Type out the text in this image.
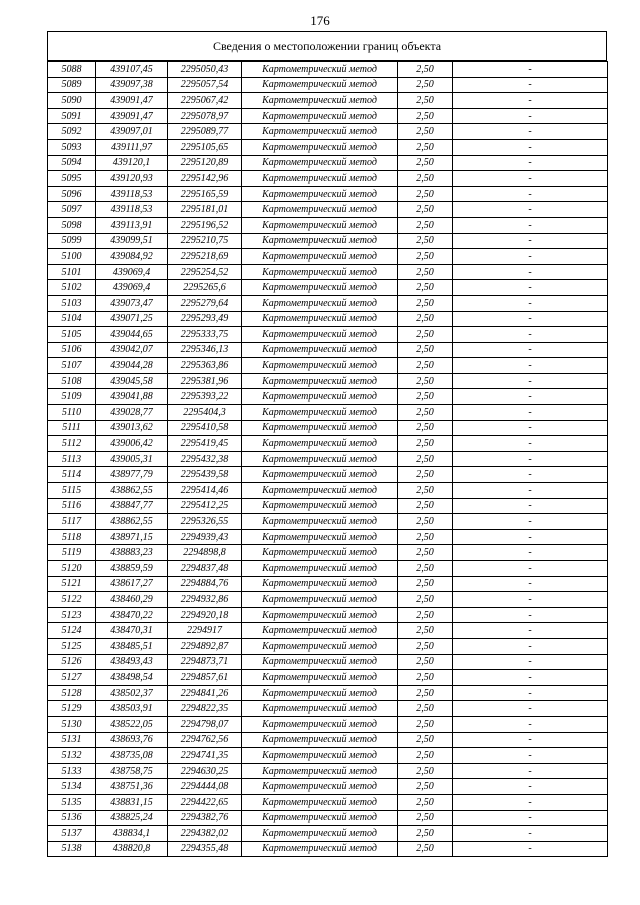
176
Сведения о местоположении границ объекта
5088	439107,45	2295050,43	Картометрический метод	2,50	-
5089	439097,38	2295057,54	Картометрический метод	2,50	-
5090	439091,47	2295067,42	Картометрический метод	2,50	-
5091	439091,47	2295078,97	Картометрический метод	2,50	-
5092	439097,01	2295089,77	Картометрический метод	2,50	-
5093	439111,97	2295105,65	Картометрический метод	2,50	-
5094	439120,1	2295120,89	Картометрический метод	2,50	-
5095	439120,93	2295142,96	Картометрический метод	2,50	-
5096	439118,53	2295165,59	Картометрический метод	2,50	-
5097	439118,53	2295181,01	Картометрический метод	2,50	-
5098	439113,91	2295196,52	Картометрический метод	2,50	-
5099	439099,51	2295210,75	Картометрический метод	2,50	-
5100	439084,92	2295218,69	Картометрический метод	2,50	-
5101	439069,4	2295254,52	Картометрический метод	2,50	-
5102	439069,4	2295265,6	Картометрический метод	2,50	-
5103	439073,47	2295279,64	Картометрический метод	2,50	-
5104	439071,25	2295293,49	Картометрический метод	2,50	-
5105	439044,65	2295333,75	Картометрический метод	2,50	-
5106	439042,07	2295346,13	Картометрический метод	2,50	-
5107	439044,28	2295363,86	Картометрический метод	2,50	-
5108	439045,58	2295381,96	Картометрический метод	2,50	-
5109	439041,88	2295393,22	Картометрический метод	2,50	-
5110	439028,77	2295404,3	Картометрический метод	2,50	-
5111	439013,62	2295410,58	Картометрический метод	2,50	-
5112	439006,42	2295419,45	Картометрический метод	2,50	-
5113	439005,31	2295432,38	Картометрический метод	2,50	-
5114	438977,79	2295439,58	Картометрический метод	2,50	-
5115	438862,55	2295414,46	Картометрический метод	2,50	-
5116	438847,77	2295412,25	Картометрический метод	2,50	-
5117	438862,55	2295326,55	Картометрический метод	2,50	-
5118	438971,15	2294939,43	Картометрический метод	2,50	-
5119	438883,23	2294898,8	Картометрический метод	2,50	-
5120	438859,59	2294837,48	Картометрический метод	2,50	-
5121	438617,27	2294884,76	Картометрический метод	2,50	-
5122	438460,29	2294932,86	Картометрический метод	2,50	-
5123	438470,22	2294920,18	Картометрический метод	2,50	-
5124	438470,31	2294917	Картометрический метод	2,50	-
5125	438485,51	2294892,87	Картометрический метод	2,50	-
5126	438493,43	2294873,71	Картометрический метод	2,50	-
5127	438498,54	2294857,61	Картометрический метод	2,50	-
5128	438502,37	2294841,26	Картометрический метод	2,50	-
5129	438503,91	2294822,35	Картометрический метод	2,50	-
5130	438522,05	2294798,07	Картометрический метод	2,50	-
5131	438693,76	2294762,56	Картометрический метод	2,50	-
5132	438735,08	2294741,35	Картометрический метод	2,50	-
5133	438758,75	2294630,25	Картометрический метод	2,50	-
5134	438751,36	2294444,08	Картометрический метод	2,50	-
5135	438831,15	2294422,65	Картометрический метод	2,50	-
5136	438825,24	2294382,76	Картометрический метод	2,50	-
5137	438834,1	2294382,02	Картометрический метод	2,50	-
5138	438820,8	2294355,48	Картометрический метод	2,50	-
